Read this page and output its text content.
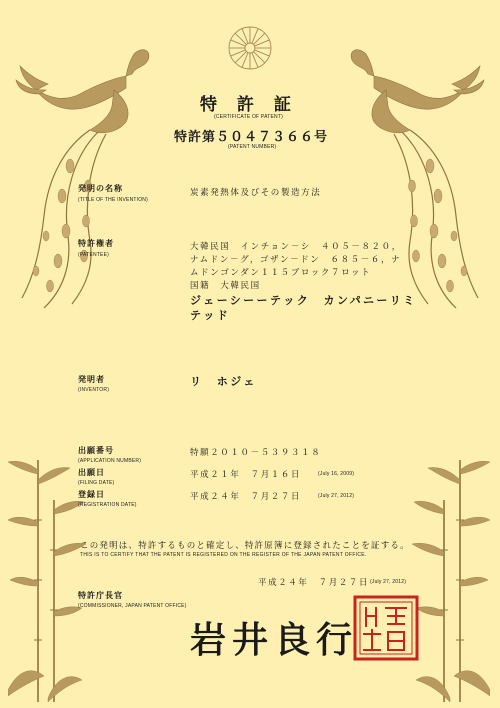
特 許 証
(CERTIFICATE OF PATENT)
特許第５０４７３６６号
(PATENT NUMBER)
発明の名称
(TITLE OF THE INVENTION)
炭素発熱体及びその製造方法
特許権者
(PATENTEE)
大韓民国　インチョン－シ　４０５－８２０，
ナムドン－グ，ゴザン－ドン　６８５－６，ナ
ムドンゴンダン１１５ブロック７ロット
国籍　大韓民国
ジェーシーーテック　カンパニーリミ
テッド
発明者
(INVENTOR)
リ　ホジェ
出願番号
(APPLICATION NUMBER)
特願２０１０－５３９３１８
出願日
(FILING DATE)
平成２１年　７月１６日	(July 16, 2009)
登録日
(REGISTRATION DATE)
平成２４年　７月２７日	(July 27, 2012)
この発明は、特許するものと確定し、特許原簿に登録されたことを証する。
THIS IS TO CERTIFY THAT THE PATENT IS REGISTERED ON THE REGISTER OF THE JAPAN PATENT OFFICE.
平成２４年　７月２７日 (July 27, 2012)
特許庁長官
(COMMISSIONER, JAPAN PATENT OFFICE)
岩井良行
